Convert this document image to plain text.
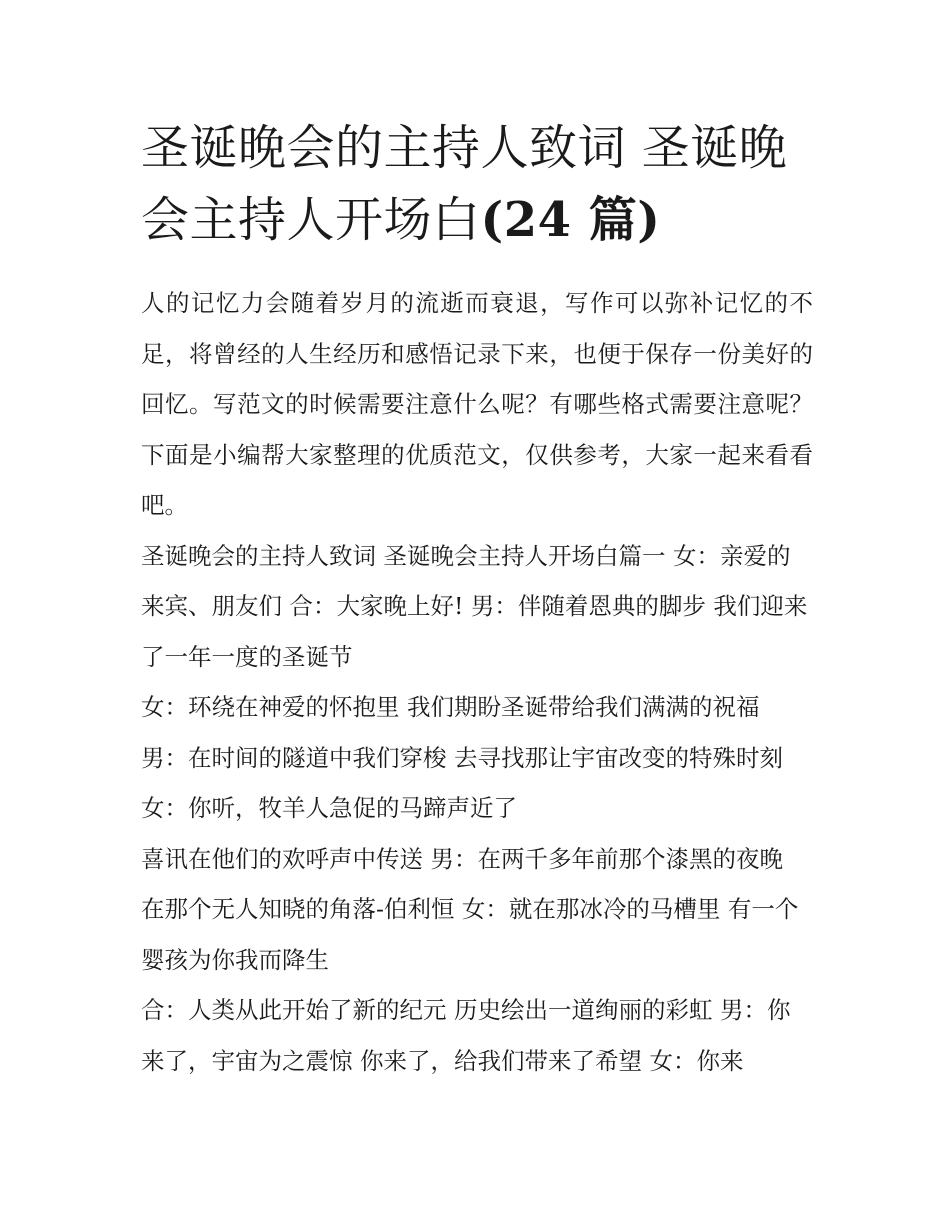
圣诞晚会的主持人致词 圣诞晚会主持人开场白(24 篇)

人的记忆力会随着岁月的流逝而衰退，写作可以弥补记忆的不足，将曾经的人生经历和感悟记录下来，也便于保存一份美好的回忆。写范文的时候需要注意什么呢？有哪些格式需要注意呢？下面是小编帮大家整理的优质范文，仅供参考，大家一起来看看吧。

圣诞晚会的主持人致词 圣诞晚会主持人开场白篇一 女：亲爱的来宾、朋友们 合：大家晚上好! 男：伴随着恩典的脚步 我们迎来了一年一度的圣诞节

女：环绕在神爱的怀抱里 我们期盼圣诞带给我们满满的祝福 男：在时间的隧道中我们穿梭 去寻找那让宇宙改变的特殊时刻 女：你听，牧羊人急促的马蹄声近了

喜讯在他们的欢呼声中传送 男：在两千多年前那个漆黑的夜晚 在那个无人知晓的角落-伯利恒 女：就在那冰冷的马槽里 有一个婴孩为你我而降生

合：人类从此开始了新的纪元 历史绘出一道绚丽的彩虹 男：你来了，宇宙为之震惊 你来了，给我们带来了希望 女：你来
